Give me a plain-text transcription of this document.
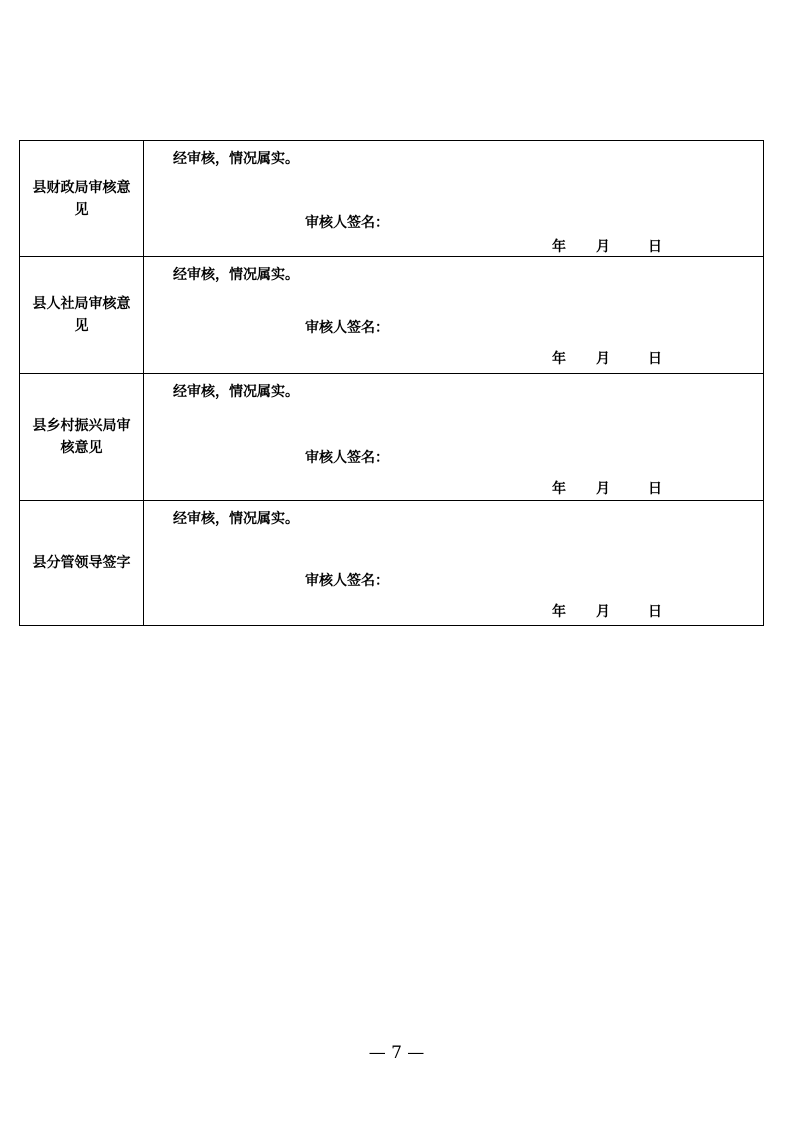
县财政局审核意见	经审核，情况属实。
审核人签名：
年 月 日

县人社局审核意见	经审核，情况属实。
审核人签名：
年 月 日

县乡村振兴局审核意见	经审核，情况属实。
审核人签名：
年 月 日

县分管领导签字	经审核，情况属实。
审核人签名：
年 月 日
— 7 —
